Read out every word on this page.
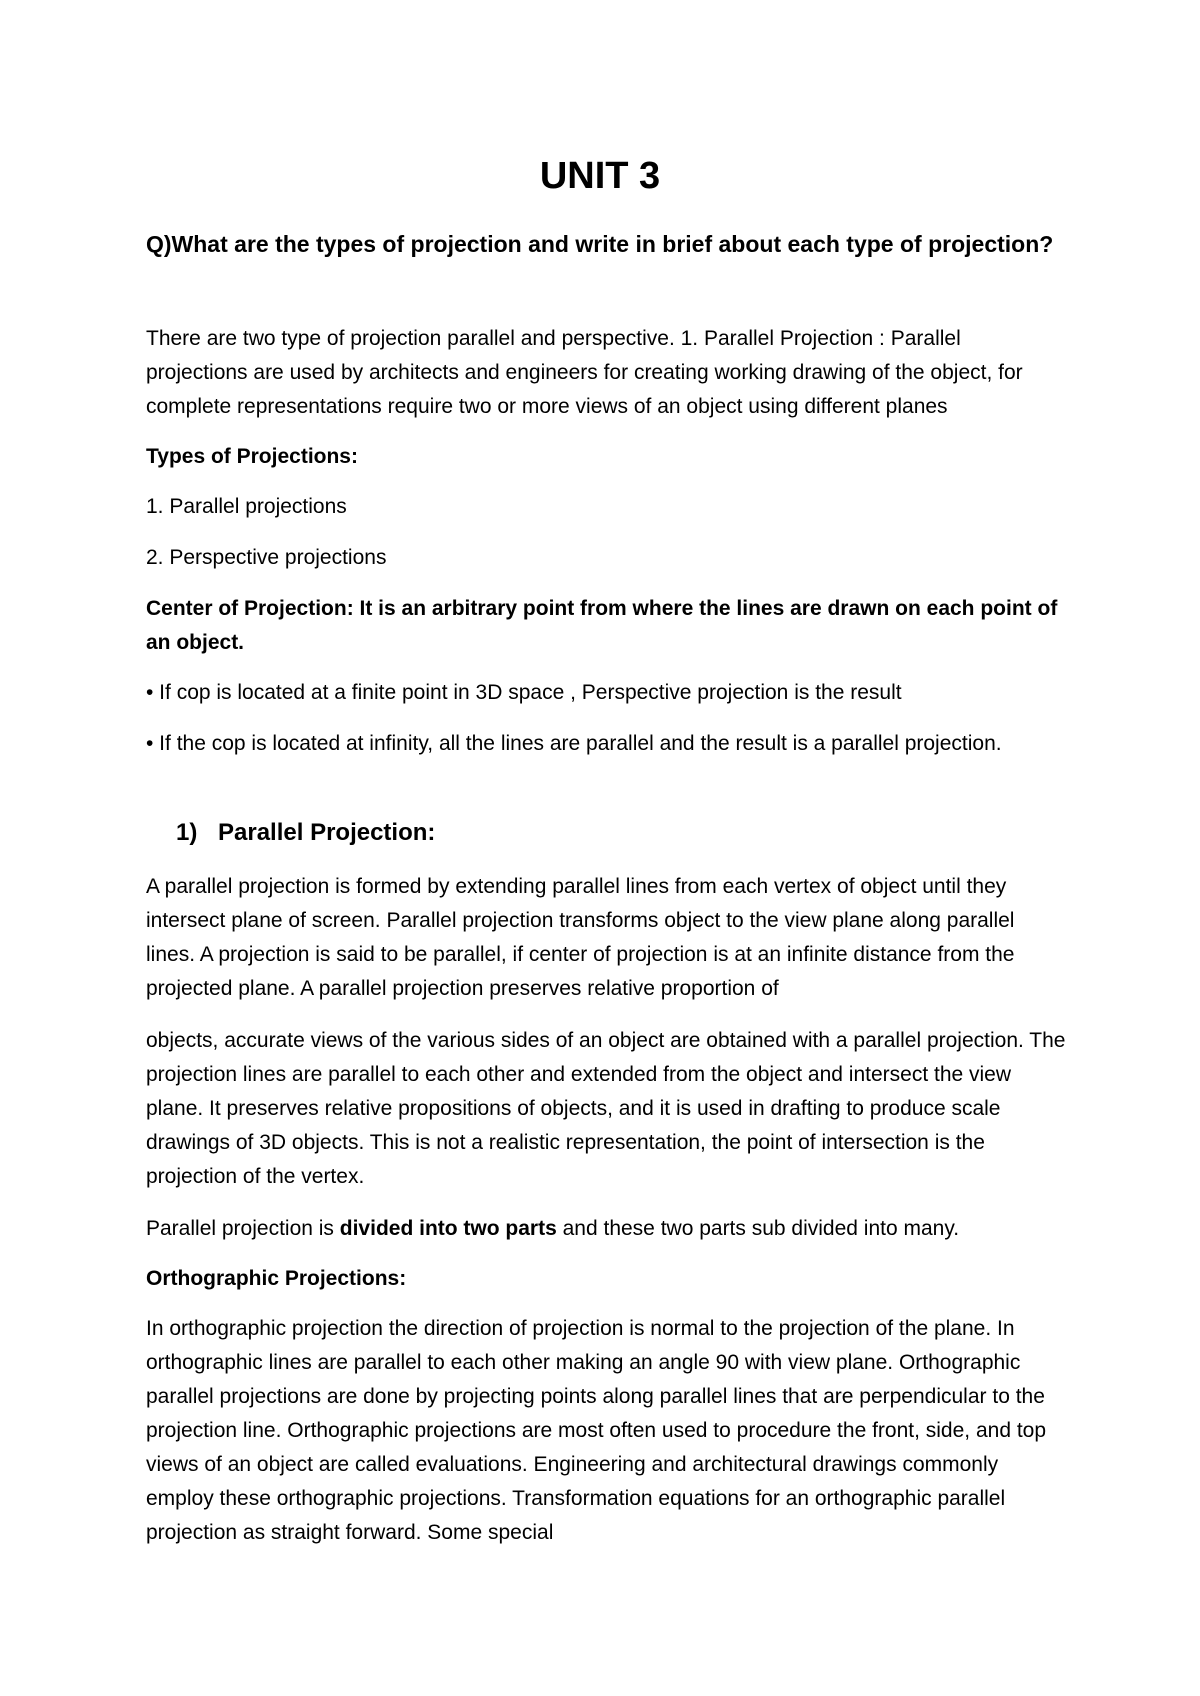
UNIT 3

Q)What are the types of projection and write in brief about each type of projection?

There are two type of projection parallel and perspective. 1. Parallel Projection : Parallel projections are used by architects and engineers for creating working drawing of the object, for complete representations require two or more views of an object using different planes

Types of Projections:

1. Parallel projections

2. Perspective projections

Center of Projection: It is an arbitrary point from where the lines are drawn on each point of an object.

• If cop is located at a finite point in 3D space , Perspective projection is the result

• If the cop is located at infinity, all the lines are parallel and the result is a parallel projection.

1) Parallel Projection:

A parallel projection is formed by extending parallel lines from each vertex of object until they intersect plane of screen. Parallel projection transforms object to the view plane along parallel lines. A projection is said to be parallel, if center of projection is at an infinite distance from the projected plane. A parallel projection preserves relative proportion of

objects, accurate views of the various sides of an object are obtained with a parallel projection. The projection lines are parallel to each other and extended from the object and intersect the view plane. It preserves relative propositions of objects, and it is used in drafting to produce scale drawings of 3D objects. This is not a realistic representation, the point of intersection is the projection of the vertex.

Parallel projection is divided into two parts and these two parts sub divided into many.

Orthographic Projections:

In orthographic projection the direction of projection is normal to the projection of the plane. In orthographic lines are parallel to each other making an angle 90 with view plane. Orthographic parallel projections are done by projecting points along parallel lines that are perpendicular to the projection line. Orthographic projections are most often used to procedure the front, side, and top views of an object are called evaluations. Engineering and architectural drawings commonly employ these orthographic projections. Transformation equations for an orthographic parallel projection as straight forward. Some special
